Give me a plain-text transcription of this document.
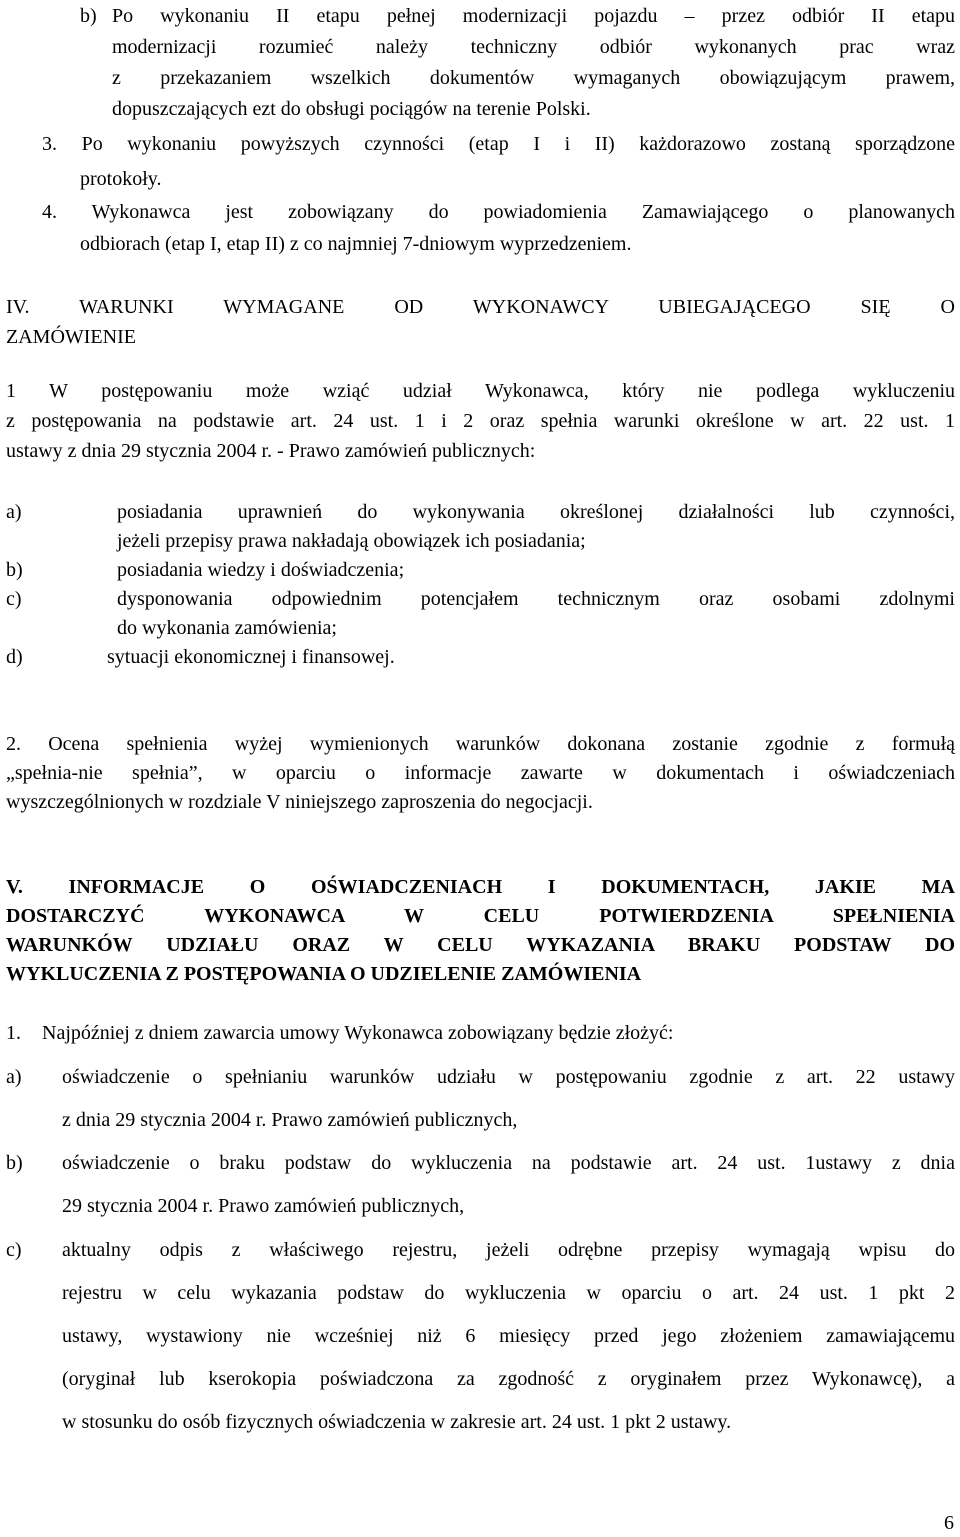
b) Po wykonaniu II etapu pełnej modernizacji pojazdu – przez odbiór II etapu
modernizacji rozumieć należy techniczny odbiór wykonanych prac wraz
z przekazaniem wszelkich dokumentów wymaganych obowiązującym prawem,
dopuszczających ezt do obsługi pociągów na terenie Polski.
3. Po wykonaniu powyższych czynności (etap I i II) każdorazowo zostaną sporządzone
protokoły.
4. Wykonawca jest zobowiązany do powiadomienia Zamawiającego o planowanych
odbiorach (etap I, etap II) z co najmniej 7-dniowym wyprzedzeniem.
IV. WARUNKI WYMAGANE OD WYKONAWCY UBIEGAJĄCEGO SIĘ O
ZAMÓWIENIE
1 W postępowaniu może wziąć udział Wykonawca, który nie podlega wykluczeniu
z postępowania na podstawie art. 24 ust. 1 i 2 oraz spełnia warunki określone w art. 22 ust. 1
ustawy z dnia 29 stycznia 2004 r. - Prawo zamówień publicznych:
a)	posiadania uprawnień do wykonywania określonej działalności lub czynności,
jeżeli przepisy prawa nakładają obowiązek ich posiadania;
b)	posiadania wiedzy i doświadczenia;
c)	dysponowania odpowiednim potencjałem technicznym oraz osobami zdolnymi
do wykonania zamówienia;
d)	sytuacji ekonomicznej i finansowej.
2. Ocena spełnienia wyżej wymienionych warunków dokonana zostanie zgodnie z formułą
„spełnia-nie spełnia”, w oparciu o informacje zawarte w dokumentach i oświadczeniach
wyszczególnionych w rozdziale V niniejszego zaproszenia do negocjacji.
V. INFORMACJE O OŚWIADCZENIACH I DOKUMENTACH, JAKIE MA
DOSTARCZYĆ WYKONAWCA W CELU POTWIERDZENIA SPEŁNIENIA
WARUNKÓW UDZIAŁU ORAZ W CELU WYKAZANIA BRAKU PODSTAW DO
WYKLUCZENIA Z POSTĘPOWANIA O UDZIELENIE ZAMÓWIENIA
1. Najpóźniej z dniem zawarcia umowy Wykonawca zobowiązany będzie złożyć:
a) oświadczenie o spełnianiu warunków udziału w postępowaniu zgodnie z art. 22 ustawy
z dnia 29 stycznia 2004 r. Prawo zamówień publicznych,
b) oświadczenie o braku podstaw do wykluczenia na podstawie art. 24 ust. 1ustawy z dnia
29 stycznia 2004 r. Prawo zamówień publicznych,
c) aktualny odpis z właściwego rejestru, jeżeli odrębne przepisy wymagają wpisu do
rejestru w celu wykazania podstaw do wykluczenia w oparciu o art. 24 ust. 1 pkt 2
ustawy, wystawiony nie wcześniej niż 6 miesięcy przed jego złożeniem zamawiającemu
(oryginał lub kserokopia poświadczona za zgodność z oryginałem przez Wykonawcę), a
w stosunku do osób fizycznych oświadczenia w zakresie art. 24 ust. 1 pkt 2 ustawy.
6
